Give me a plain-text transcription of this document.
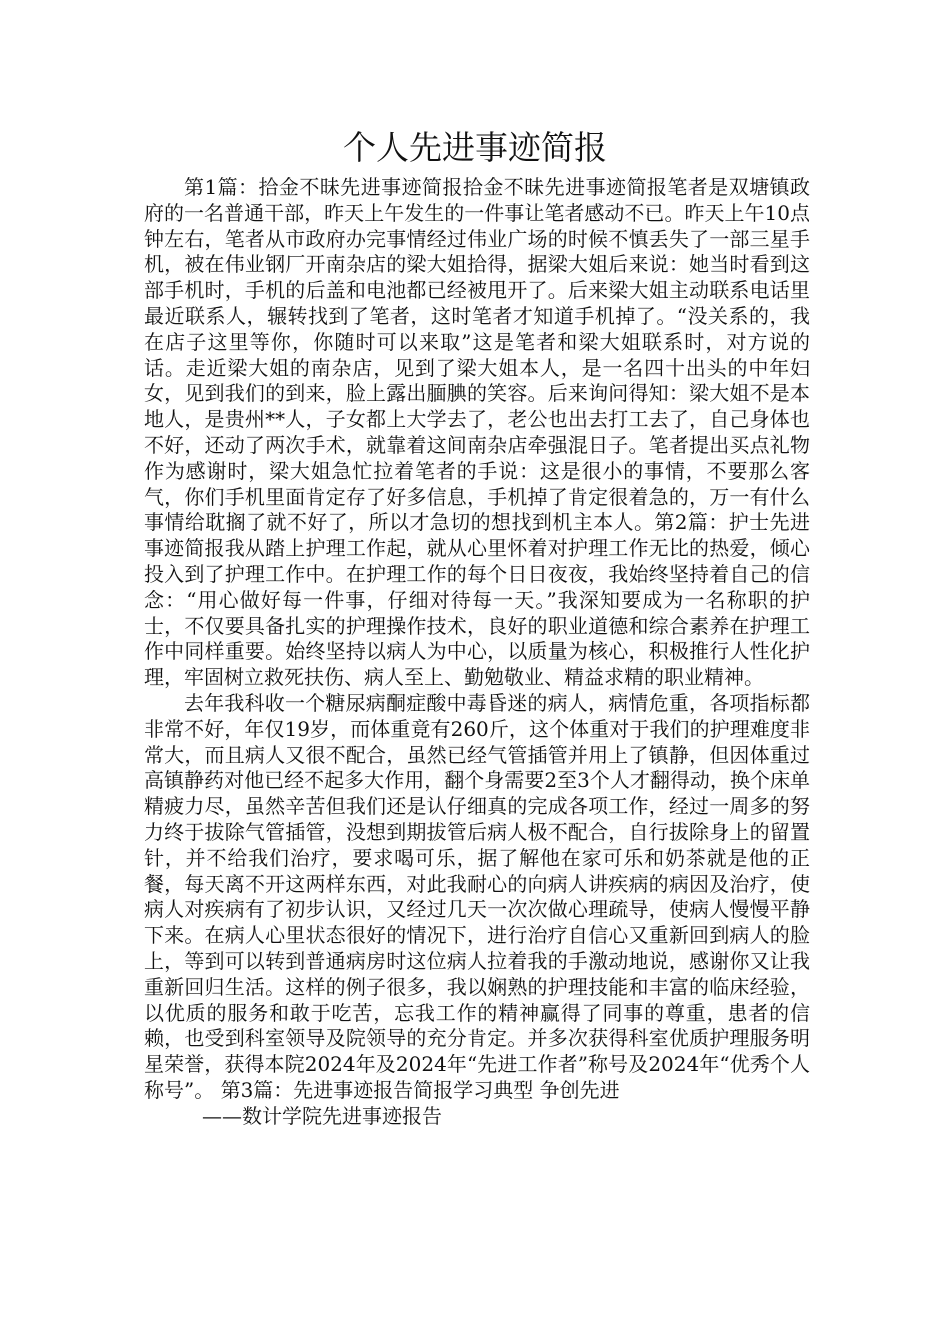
个人先进事迹简报

第1篇：拾金不昧先进事迹简报拾金不昧先进事迹简报笔者是双塘镇政府的一名普通干部，昨天上午发生的一件事让笔者感动不已。昨天上午10点钟左右，笔者从市政府办完事情经过伟业广场的时候不慎丢失了一部三星手机，被在伟业钢厂开南杂店的梁大姐拾得，据梁大姐后来说：她当时看到这部手机时，手机的后盖和电池都已经被甩开了。后来梁大姐主动联系电话里最近联系人，辗转找到了笔者，这时笔者才知道手机掉了。“没关系的，我在店子这里等你，你随时可以来取”这是笔者和梁大姐联系时，对方说的话。走近梁大姐的南杂店，见到了梁大姐本人，是一名四十出头的中年妇女，见到我们的到来，脸上露出腼腆的笑容。后来询问得知：梁大姐不是本地人，是贵州**人，子女都上大学去了，老公也出去打工去了，自己身体也不好，还动了两次手术，就靠着这间南杂店牵强混日子。笔者提出买点礼物作为感谢时，梁大姐急忙拉着笔者的手说：这是很小的事情，不要那么客气，你们手机里面肯定存了好多信息，手机掉了肯定很着急的，万一有什么事情给耽搁了就不好了，所以才急切的想找到机主本人。第2篇：护士先进事迹简报我从踏上护理工作起，就从心里怀着对护理工作无比的热爱，倾心投入到了护理工作中。在护理工作的每个日日夜夜，我始终坚持着自己的信念：“用心做好每一件事，仔细对待每一天。”我深知要成为一名称职的护士，不仅要具备扎实的护理操作技术，良好的职业道德和综合素养在护理工作中同样重要。始终坚持以病人为中心，以质量为核心，积极推行人性化护理，牢固树立救死扶伤、病人至上、勤勉敬业、精益求精的职业精神。

去年我科收一个糖尿病酮症酸中毒昏迷的病人，病情危重，各项指标都非常不好，年仅19岁，而体重竟有260斤，这个体重对于我们的护理难度非常大，而且病人又很不配合，虽然已经气管插管并用上了镇静，但因体重过高镇静药对他已经不起多大作用，翻个身需要2至3个人才翻得动，换个床单精疲力尽，虽然辛苦但我们还是认仔细真的完成各项工作，经过一周多的努力终于拔除气管插管，没想到期拔管后病人极不配合，自行拔除身上的留置针，并不给我们治疗，要求喝可乐，据了解他在家可乐和奶茶就是他的正餐，每天离不开这两样东西，对此我耐心的向病人讲疾病的病因及治疗，使病人对疾病有了初步认识，又经过几天一次次做心理疏导，使病人慢慢平静下来。在病人心里状态很好的情况下，进行治疗自信心又重新回到病人的脸上，等到可以转到普通病房时这位病人拉着我的手激动地说，感谢你又让我重新回归生活。这样的例子很多，我以娴熟的护理技能和丰富的临床经验，以优质的服务和敢于吃苦，忘我工作的精神赢得了同事的尊重，患者的信赖，也受到科室领导及院领导的充分肯定。并多次获得科室优质护理服务明星荣誉，获得本院2024年及2024年“先进工作者”称号及2024年“优秀个人称号”。 第3篇：先进事迹报告简报学习典型 争创先进

——数计学院先进事迹报告
